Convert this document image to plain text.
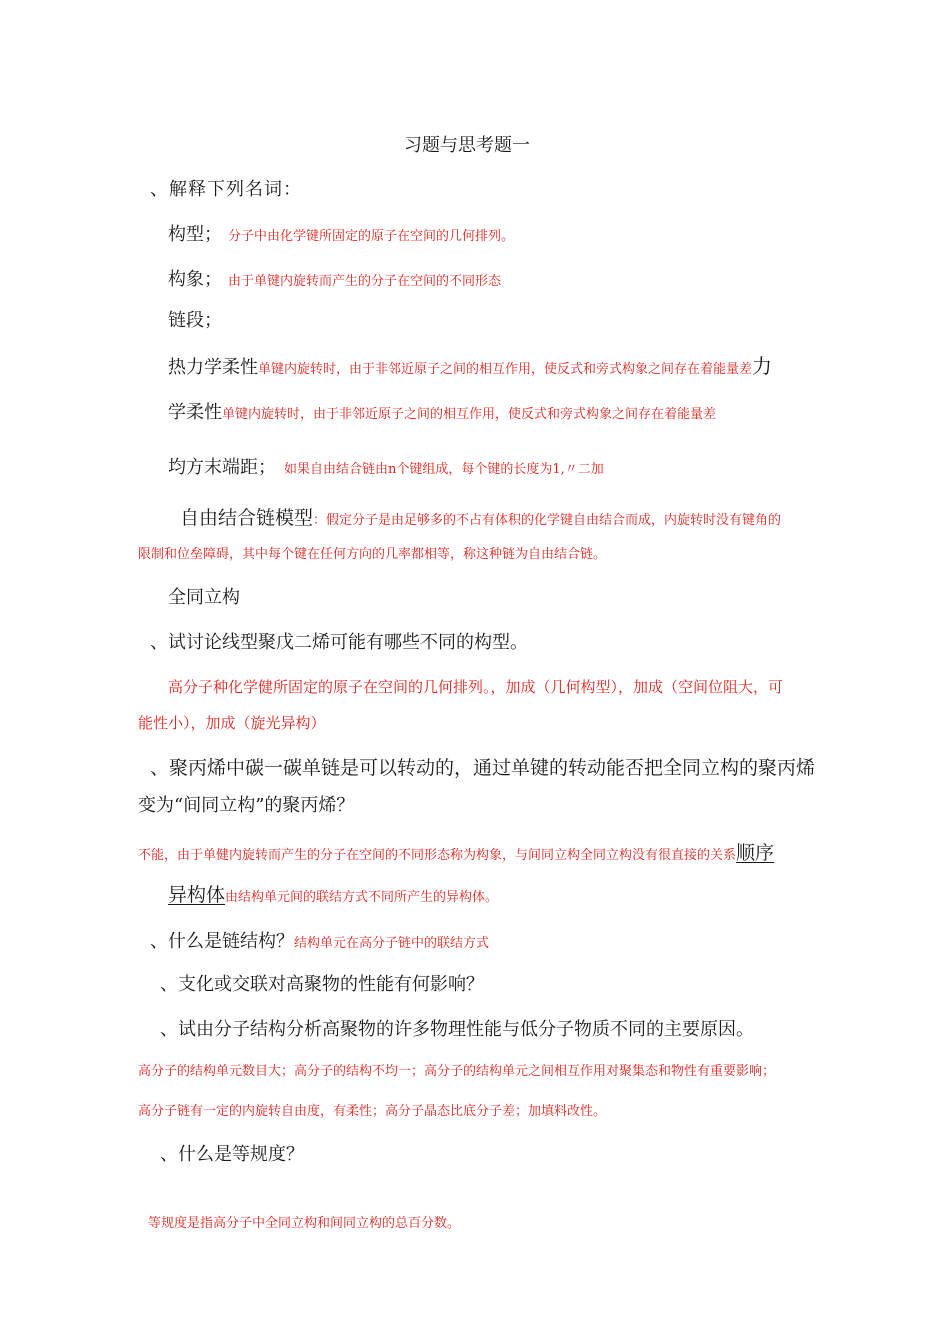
习题与思考题一
、解释下列名词：
构型； 分子中由化学键所固定的原子在空间的几何排列。
构象； 由于单键内旋转而产生的分子在空间的不同形态
链段；
热力学柔性单键内旋转时，由于非邻近原子之间的相互作用，使反式和旁式构象之间存在着能量差力
学柔性单键内旋转时，由于非邻近原子之间的相互作用，使反式和旁式构象之间存在着能量差
均方末端距； 如果自由结合链由n个键组成，每个键的长度为1,〃二加
自由结合链模型：假定分子是由足够多的不占有体积的化学键自由结合而成，内旋转时没有键角的
限制和位垒障碍，其中每个键在任何方向的几率都相等，称这种链为自由结合链。
全同立构
、试讨论线型聚戊二烯可能有哪些不同的构型。
高分子种化学健所固定的原子在空间的几何排列。，加成（几何构型），加成（空间位阻大，可
能性小），加成（旋光异构）
、聚丙烯中碳一碳单链是可以转动的，通过单键的转动能否把全同立构的聚丙烯
变为“间同立构”的聚丙烯？
不能，由于单健内旋转而产生的分子在空间的不同形态称为构象，与间同立构全同立构没有很直接的关系顺序
异构体由结构单元间的联结方式不同所产生的异构体。
、什么是链结构？结构单元在高分子链中的联结方式
、支化或交联对高聚物的性能有何影响？
、试由分子结构分析高聚物的许多物理性能与低分子物质不同的主要原因。
高分子的结构单元数目大；高分子的结构不均一；高分子的结构单元之间相互作用对聚集态和物性有重要影响；
高分子链有一定的内旋转自由度，有柔性；高分子晶态比底分子差；加填料改性。
、什么是等规度？
等规度是指高分子中全同立构和间同立构的总百分数。
